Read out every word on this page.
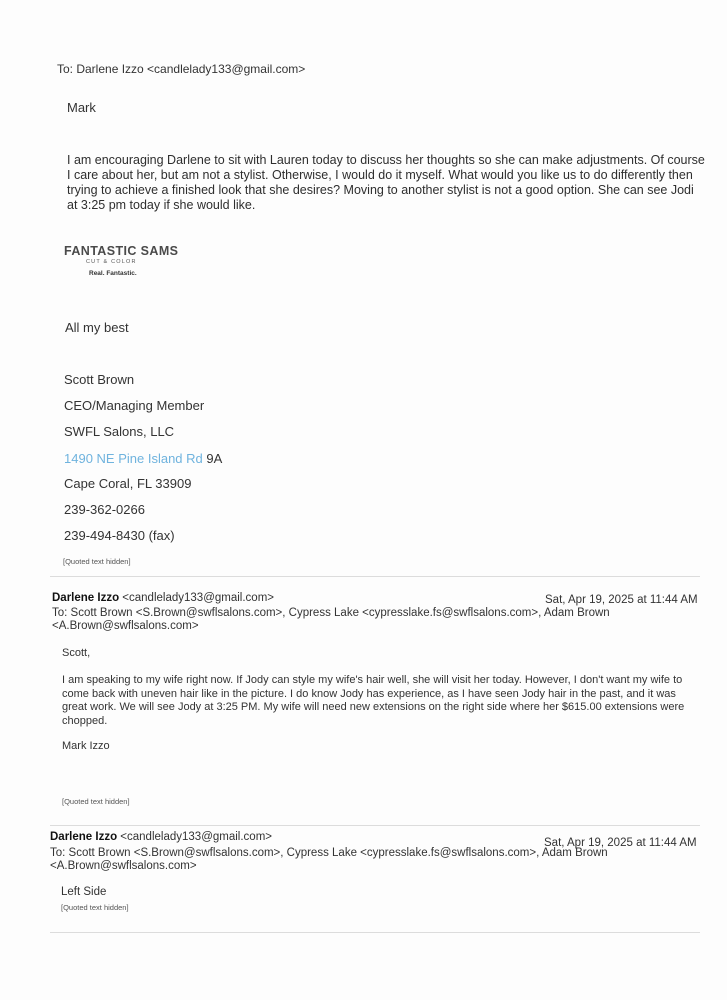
To: Darlene Izzo <candlelady133@gmail.com>
Mark
I am encouraging Darlene to sit with Lauren today to discuss her thoughts so she can make adjustments. Of course I care about her, but am not a stylist. Otherwise, I would do it myself. What would you like us to do differently then trying to achieve a finished look that she desires? Moving to another stylist is not a good option. She can see Jodi at 3:25 pm today if she would like.
FANTASTIC SAMS
CUT & COLOR
Real. Fantastic.
All my best
Scott Brown
CEO/Managing Member
SWFL Salons, LLC
1490 NE Pine Island Rd 9A
Cape Coral, FL 33909
239-362-0266
239-494-8430 (fax)
[Quoted text hidden]
Darlene Izzo <candlelady133@gmail.com>	Sat, Apr 19, 2025 at 11:44 AM
To: Scott Brown <S.Brown@swflsalons.com>, Cypress Lake <cypresslake.fs@swflsalons.com>, Adam Brown <A.Brown@swflsalons.com>
Scott,
I am speaking to my wife right now. If Jody can style my wife's hair well, she will visit her today. However, I don't want my wife to come back with uneven hair like in the picture. I do know Jody has experience, as I have seen Jody hair in the past, and it was great work. We will see Jody at 3:25 PM. My wife will need new extensions on the right side where her $615.00 extensions were chopped.
Mark Izzo
[Quoted text hidden]
Darlene Izzo <candlelady133@gmail.com>	Sat, Apr 19, 2025 at 11:44 AM
To: Scott Brown <S.Brown@swflsalons.com>, Cypress Lake <cypresslake.fs@swflsalons.com>, Adam Brown <A.Brown@swflsalons.com>
Left Side
[Quoted text hidden]
